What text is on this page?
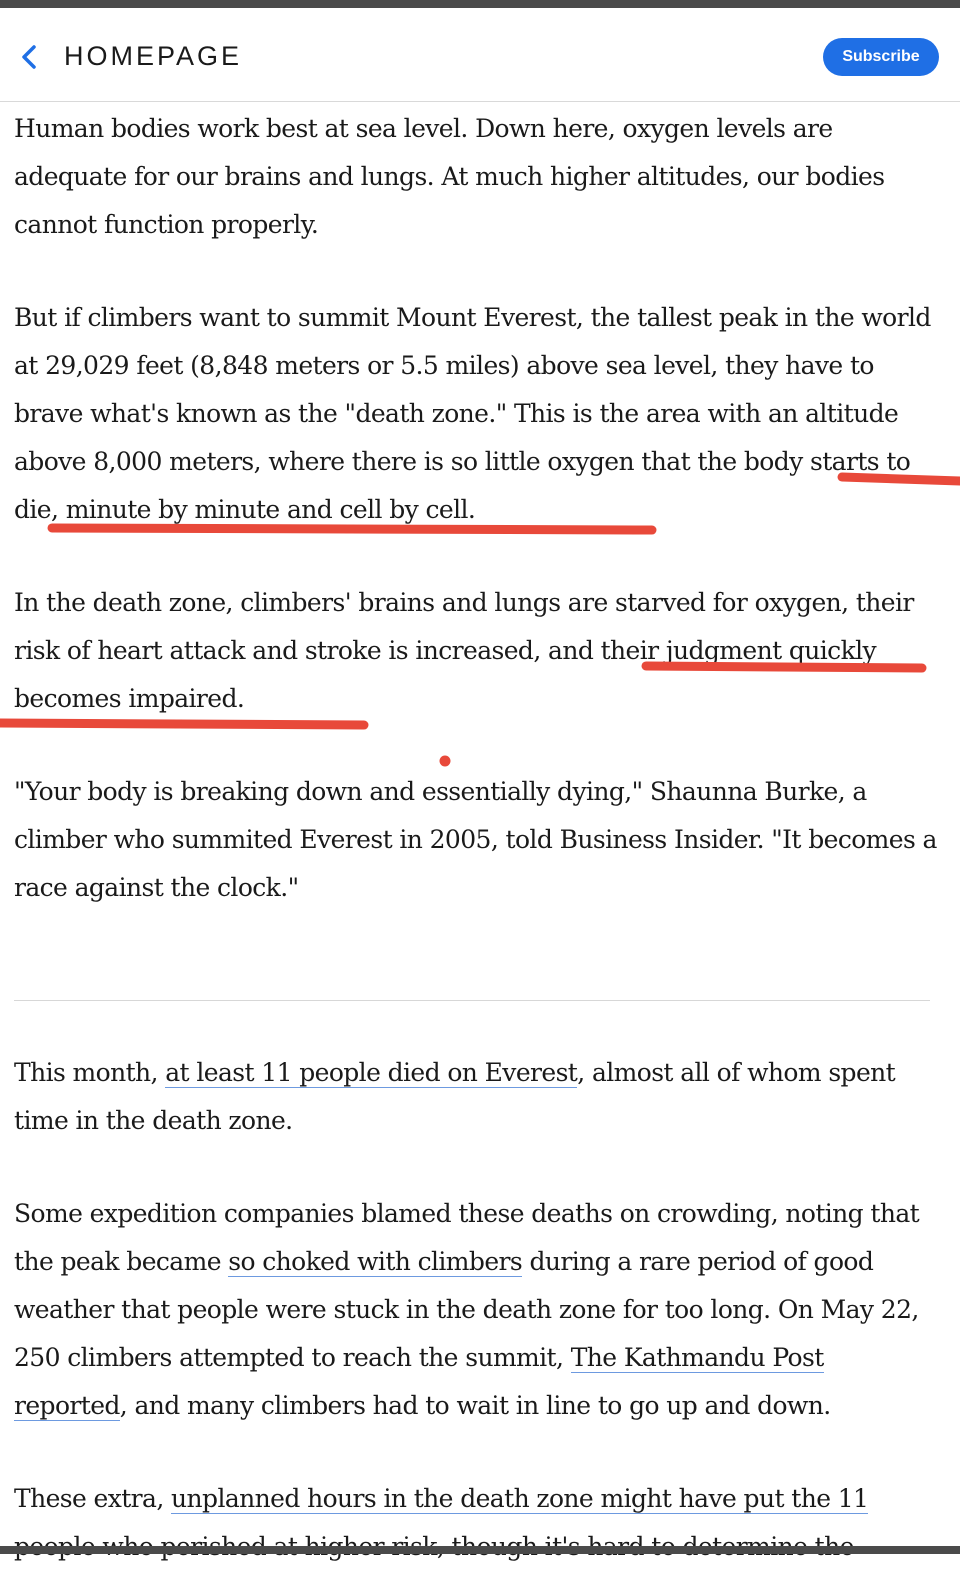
HOMEPAGE	Subscribe

Human bodies work best at sea level. Down here, oxygen levels are adequate for our brains and lungs. At much higher altitudes, our bodies cannot function properly.

But if climbers want to summit Mount Everest, the tallest peak in the world at 29,029 feet (8,848 meters or 5.5 miles) above sea level, they have to brave what's known as the "death zone." This is the area with an altitude above 8,000 meters, where there is so little oxygen that the body starts to die, minute by minute and cell by cell.

In the death zone, climbers' brains and lungs are starved for oxygen, their risk of heart attack and stroke is increased, and their judgment quickly becomes impaired.

"Your body is breaking down and essentially dying," Shaunna Burke, a climber who summited Everest in 2005, told Business Insider. "It becomes a race against the clock."

This month, at least 11 people died on Everest, almost all of whom spent time in the death zone.

Some expedition companies blamed these deaths on crowding, noting that the peak became so choked with climbers during a rare period of good weather that people were stuck in the death zone for too long. On May 22, 250 climbers attempted to reach the summit, The Kathmandu Post reported, and many climbers had to wait in line to go up and down.

These extra, unplanned hours in the death zone might have put the 11
